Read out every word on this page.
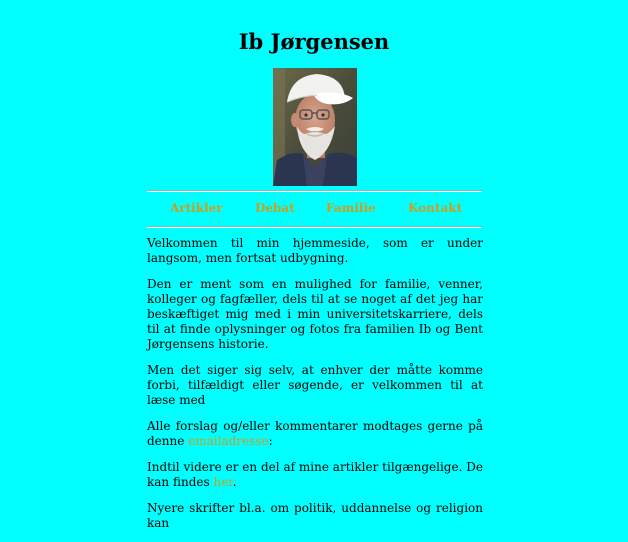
Ib Jørgensen
Artikler	Debat	Familie	Kontakt

Velkommen til min hjemmeside, som er under langsom, men fortsat udbygning.

Den er ment som en mulighed for familie, venner, kolleger og fagfæller, dels til at se noget af det jeg har beskæftiget mig med i min universitetskarriere, dels til at finde oplysninger og fotos fra familien Ib og Bent Jørgensens historie.

Men det siger sig selv, at enhver der måtte komme forbi, tilfældigt eller søgende, er velkommen til at læse med

Alle forslag og/eller kommentarer modtages gerne på denne emailadresse:

Indtil videre er en del af mine artikler tilgængelige. De kan findes her.

Nyere skrifter bl.a. om politik, uddannelse og religion kan
